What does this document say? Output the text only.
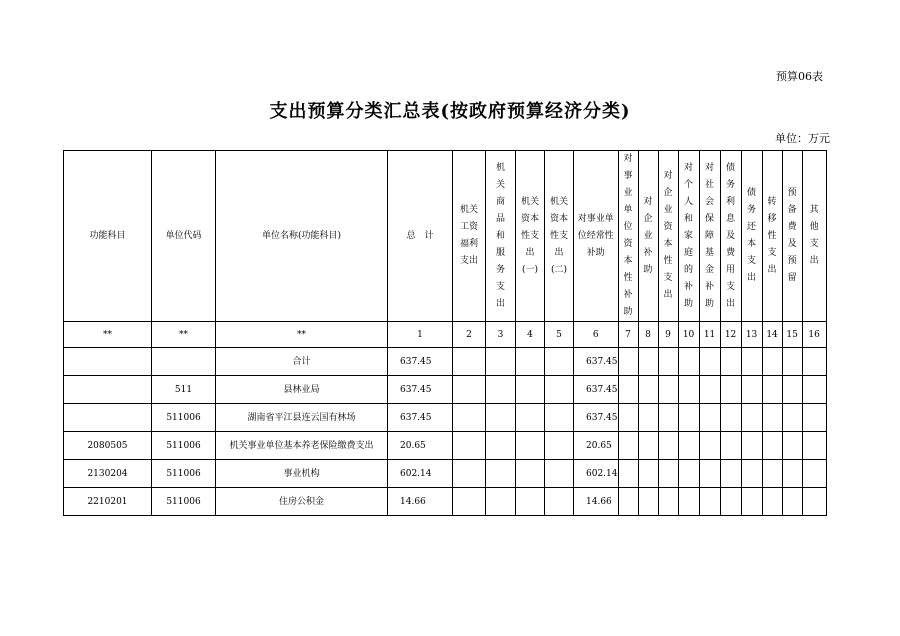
预算06表
支出预算分类汇总表(按政府预算经济分类)
单位：万元
功能科目	单位代码	单位名称(功能科目)	总　计	机关工资福利支出	机关商品和服务支出	机关资本性支出(一)	机关资本性支出(二)	对事业单位经常性补助	对事业单位资本性补助	对企业补助	对企业资本性支出	对个人和家庭的补助	对社会保障基金补助	债务利息及费用支出	债务还本支出	转移性支出	预备费及预留	其他支出
**	**	**	1	2	3	4	5	6	7	8	9	10	11	12	13	14	15	16
		合计	637.45					637.45										
	511	县林业局	637.45					637.45										
	511006	湖南省平江县连云国有林场	637.45					637.45										
2080505	511006	机关事业单位基本养老保险缴费支出	20.65					20.65										
2130204	511006	事业机构	602.14					602.14										
2210201	511006	住房公积金	14.66					14.66										
